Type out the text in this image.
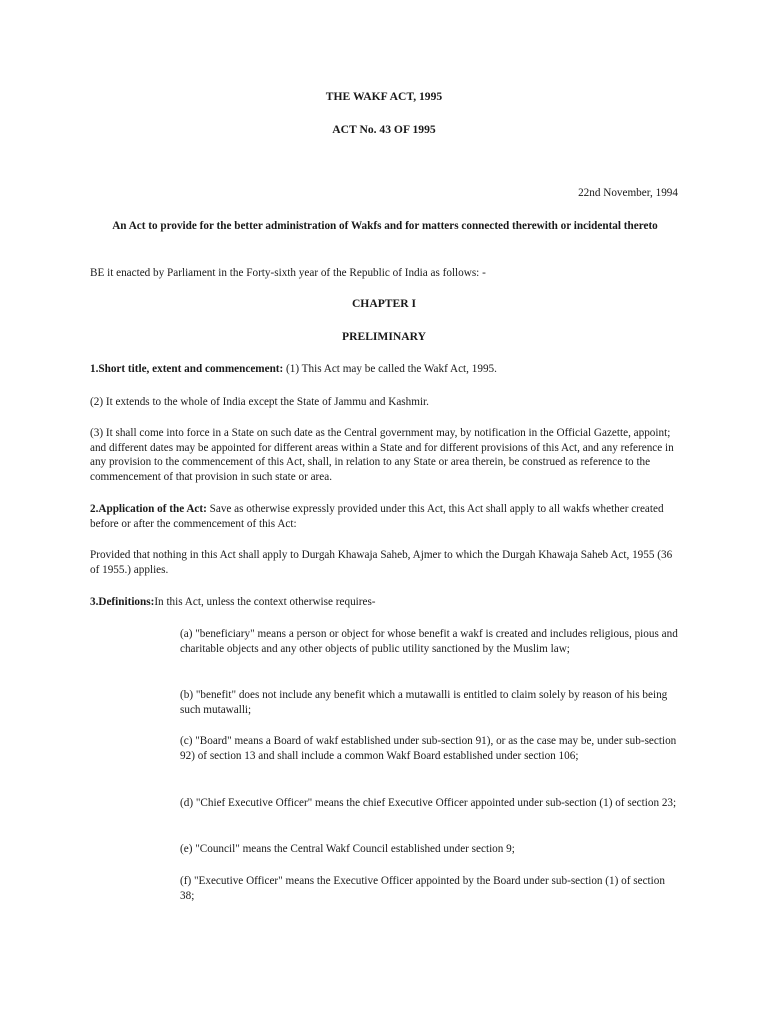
THE WAKF ACT, 1995
ACT No. 43 OF 1995
22nd November, 1994
An Act to provide for the better administration of Wakfs and for matters connected therewith or incidental thereto
BE it enacted by Parliament in the Forty-sixth year of the Republic of India as follows: -
CHAPTER I
PRELIMINARY
1.Short title, extent and commencement: (1) This Act may be called the Wakf Act, 1995.
(2) It extends to the whole of India except the State of Jammu and Kashmir.
(3) It shall come into force in a State on such date as the Central government may, by notification in the Official Gazette, appoint; and different dates may be appointed for different areas within a State and for different provisions of this Act, and any reference in any provision to the commencement of this Act, shall, in relation to any State or area therein, be construed as reference to the commencement of that provision in such state or area.
2.Application of the Act: Save as otherwise expressly provided under this Act, this Act shall apply to all wakfs whether created before or after the commencement of this Act:
Provided that nothing in this Act shall apply to Durgah Khawaja Saheb, Ajmer to which the Durgah Khawaja Saheb Act, 1955 (36 of 1955.) applies.
3.Definitions:In this Act, unless the context otherwise requires-
(a) "beneficiary" means a person or object for whose benefit a wakf is created and includes religious, pious and charitable objects and any other objects of public utility sanctioned by the Muslim law;
(b) "benefit" does not include any benefit which a mutawalli is entitled to claim solely by reason of his being such mutawalli;
(c) "Board" means a Board of wakf established under sub-section 91), or as the case may be, under sub-section 92) of section 13 and shall include a common Wakf Board established under section 106;
(d) "Chief Executive Officer" means the chief Executive Officer appointed under sub-section (1) of section 23;
(e) "Council" means the Central Wakf Council established under section 9;
(f) "Executive Officer" means the Executive Officer appointed by the Board under sub-section (1) of section 38;
